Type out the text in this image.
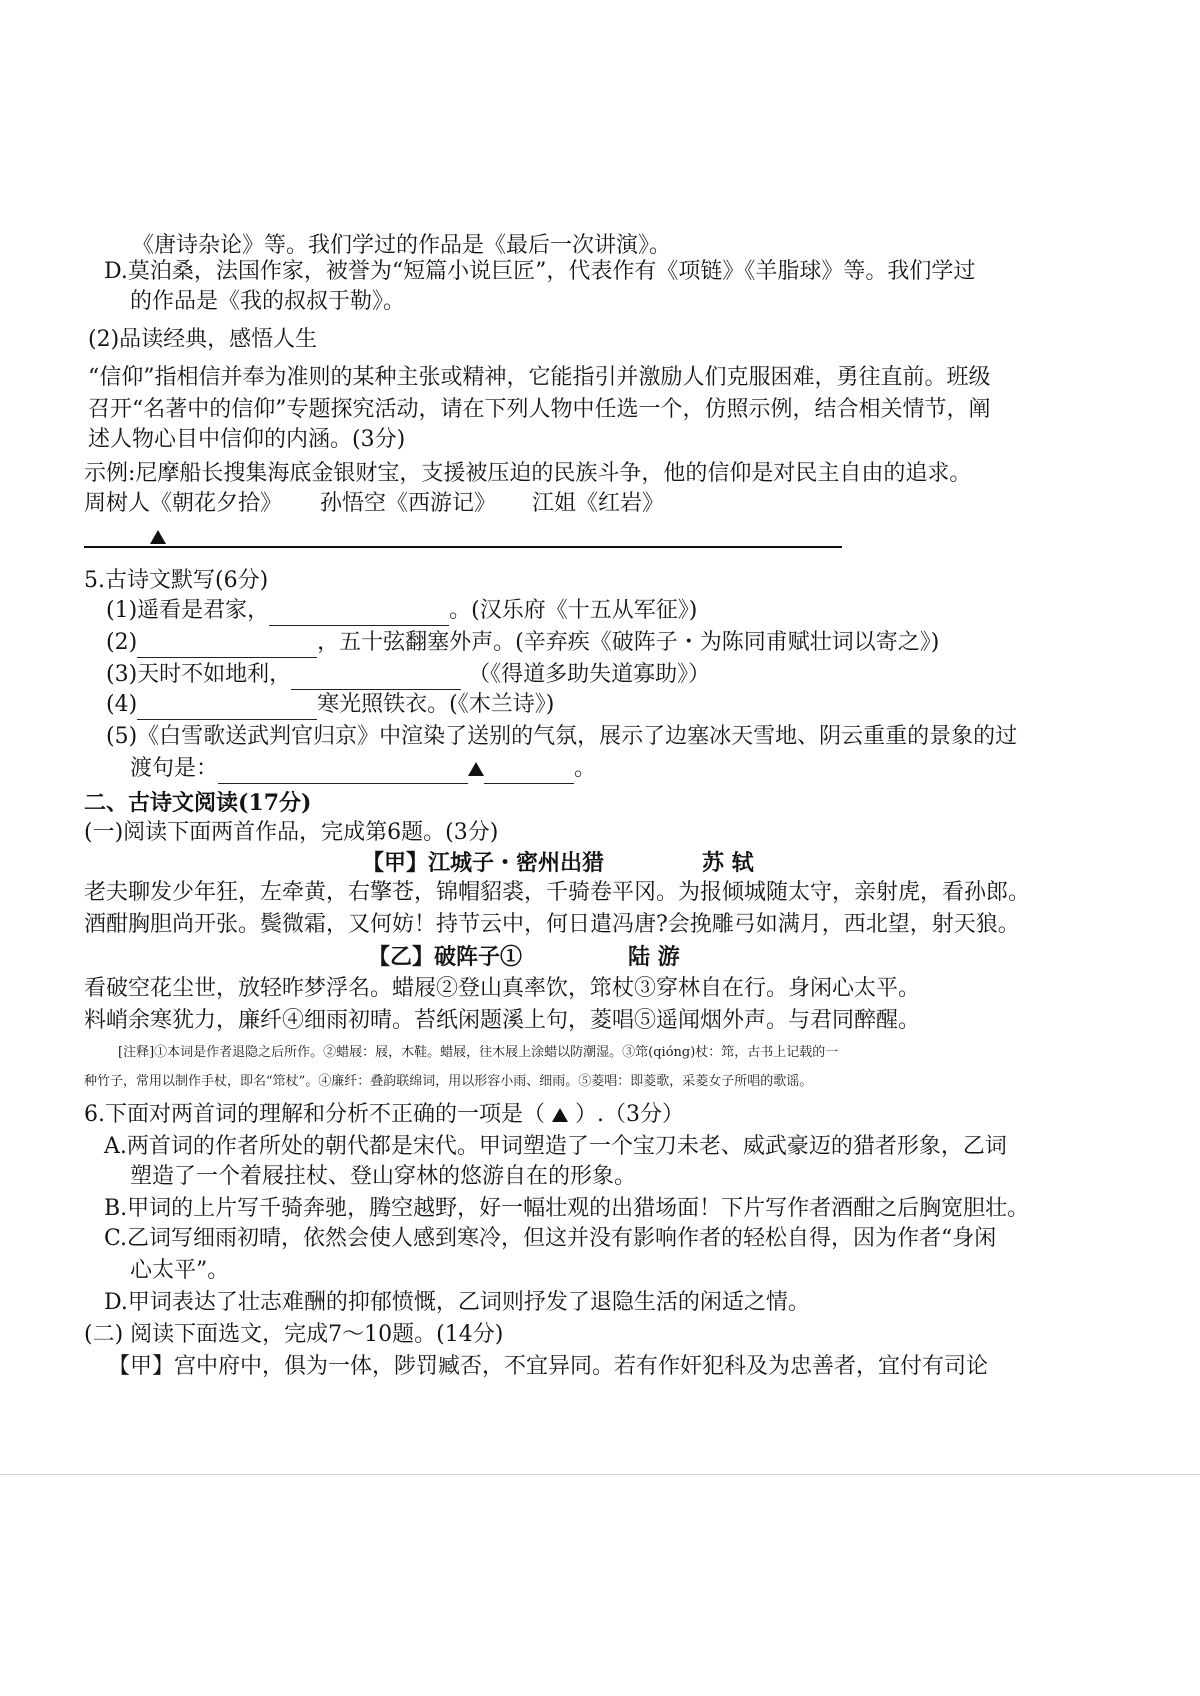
《唐诗杂论》等。我们学过的作品是《最后一次讲演》。
D.莫泊桑，法国作家，被誉为“短篇小说巨匠”，代表作有《项链》《羊脂球》等。我们学过
的作品是《我的叔叔于勒》。
(2)品读经典，感悟人生
“信仰”指相信并奉为准则的某种主张或精神，它能指引并激励人们克服困难，勇往直前。班级
召开“名著中的信仰”专题探究活动，请在下列人物中任选一个，仿照示例，结合相关情节，阐
述人物心目中信仰的内涵。(3分)
示例:尼摩船长搜集海底金银财宝，支援被压迫的民族斗争，他的信仰是对民主自由的追求。
周树人《朝花夕拾》 孙悟空《西游记》 江姐《红岩》
5.古诗文默写(6分)
(1)遥看是君家，	。(汉乐府《十五从军征》)
(2)	，五十弦翻塞外声。(辛弃疾《破阵子・为陈同甫赋壮词以寄之》)
(3)天时不如地利，	（《得道多助失道寡助》）
(4)	寒光照铁衣。(《木兰诗》)
(5)《白雪歌送武判官归京》中渲染了送别的气氛，展示了边塞冰天雪地、阴云重重的景象的过
渡句是：	。
二、古诗文阅读(17分)
(一)阅读下面两首作品，完成第6题。(3分)
【甲】江城子・密州出猎	苏 轼
老夫聊发少年狂，左牵黄，右擎苍，锦帽貂裘，千骑卷平冈。为报倾城随太守，亲射虎，看孙郎。
酒酣胸胆尚开张。鬓微霜，又何妨！持节云中，何日遣冯唐?会挽雕弓如满月，西北望，射天狼。
【乙】破阵子①	陆 游
看破空花尘世，放轻昨梦浮名。蜡屐②登山真率饮，筇杖③穿林自在行。身闲心太平。
料峭余寒犹力，廉纤④细雨初晴。苔纸闲题溪上句，菱唱⑤遥闻烟外声。与君同醉醒。
[注释]①本词是作者退隐之后所作。②蜡屐：屐，木鞋。蜡屐，往木屐上涂蜡以防潮湿。③筇(qióng)杖：筇，古书上记载的一
种竹子，常用以制作手杖，即名“筇杖”。④廉纤：叠韵联绵词，用以形容小雨、细雨。⑤菱唱：即菱歌，采菱女子所唱的歌谣。
6.下面对两首词的理解和分析不正确的一项是（ ）.（3分）
A.两首词的作者所处的朝代都是宋代。甲词塑造了一个宝刀未老、威武豪迈的猎者形象，乙词
塑造了一个着屐拄杖、登山穿林的悠游自在的形象。
B.甲词的上片写千骑奔驰，腾空越野，好一幅壮观的出猎场面！下片写作者酒酣之后胸宽胆壮。
C.乙词写细雨初晴，依然会使人感到寒冷，但这并没有影响作者的轻松自得，因为作者“身闲
心太平”。
D.甲词表达了壮志难酬的抑郁愤慨，乙词则抒发了退隐生活的闲适之情。
(二) 阅读下面选文，完成7～10题。(14分)
【甲】宫中府中，俱为一体，陟罚臧否，不宜异同。若有作奸犯科及为忠善者，宜付有司论
